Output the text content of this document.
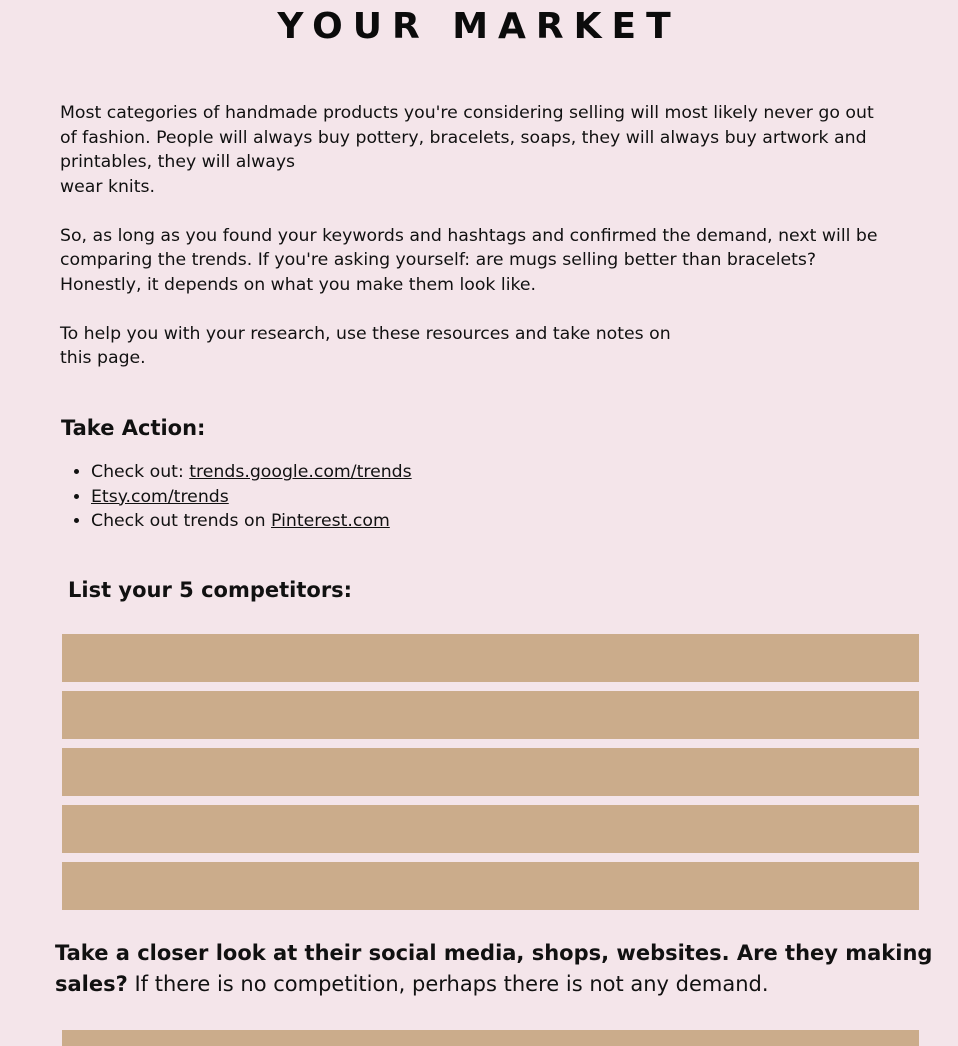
YOUR MARKET

Most categories of handmade products you're considering selling will most likely never go out
of fashion. People will always buy pottery, bracelets, soaps, they will always buy artwork and
printables, they will always
wear knits.

So, as long as you found your keywords and hashtags and confirmed the demand, next will be
comparing the trends. If you're asking yourself: are mugs selling better than bracelets?
Honestly, it depends on what you make them look like.

To help you with your research, use these resources and take notes on
this page.

Take Action:
• Check out: trends.google.com/trends
• Etsy.com/trends
• Check out trends on Pinterest.com
List your 5 competitors:

Take a closer look at their social media, shops, websites. Are they making sales? If there is no competition, perhaps there is not any demand.
